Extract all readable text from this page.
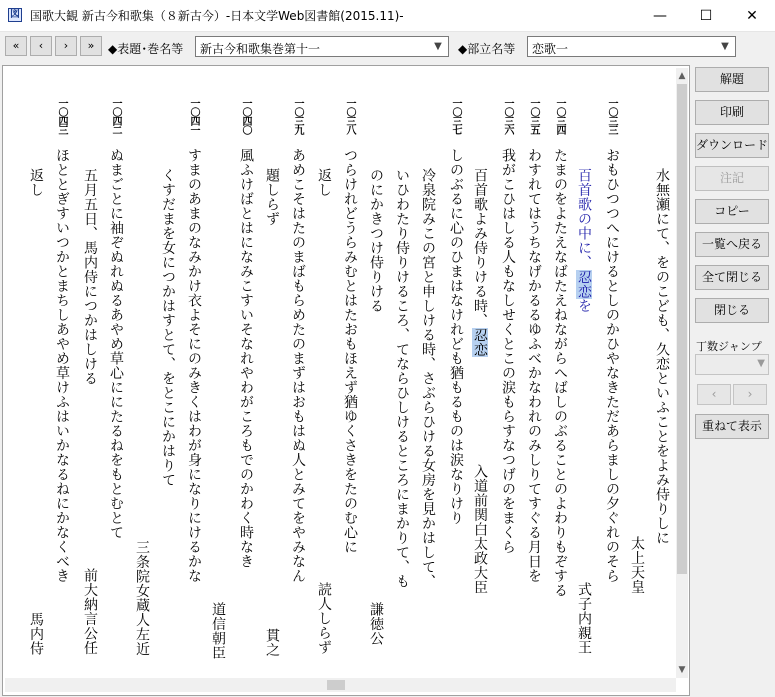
図 国歌大観 新古今和歌集（８新古今）-日本文学Web図書館(2015.11)-	—	☐	✕
«	‹	›	»	◆表題･巻名等 新古今和歌集巻第十一	▼ ◆部立名等 恋歌一	▼
水無瀬にて、をのこども、久恋といふことをよみ侍りしに
一〇三三
おもひつつへにけるとしのかひやなきただあらましの夕ぐれのそら 太上天皇
百首歌の中に、忍恋を
一〇三四
たまのをよたえなばたえねながらへばしのぶることのよわりもぞする
式子内親王
一〇三五
わすれてはうちなげかるるゆふべかなわれのみしりてすぐる月日を
一〇三六
我がこひはしる人もなしせくとこの涙もらすなつげのをまくら
入道前関白太政大臣
百首歌よみ侍りける時、忍恋
一〇三七
しのぶるに心のひまはなけれども猶もるものは涙なりけり
冷泉院みこの宮と申しける時、さぶらひける女房を見かはして、
いひわたり侍りけるころ、てならひしけるところにまかりて、も
のにかきつけ侍りける
謙徳公
一〇三八
つらけれどうらみむとはたおもほえず猶ゆくさきをたのむ心に
返し
読人しらず
一〇三九
あめこそはたのまばもらめたのまずはおもはぬ人とみてをやみなん
題しらず
貫之
一〇四〇
風ふけばとはになみこすいそなれやわがころもでのかわく時なき
道信朝臣
一〇四一
すまのあまのなみかけ衣よそにのみきくはわが身になりにけるかな
くすだまを女につかはすとて、をとこにかはりて
三条院女蔵人左近
一〇四二
ぬまごとに袖ぞぬれぬるあやめ草心ににたるねをもとむとて
五月五日、馬内侍につかはしける
前大納言公任
一〇四三
ほととぎすいつかとまちしあやめ草けふはいかなるねにかなくべき
返し
馬内侍
▲
▼
解題
印刷
ダウンロード
注記
コピー
一覧へ戻る
全て閉じる
閉じる
丁数ジャンプ
▼
‹	›
重ねて表示
